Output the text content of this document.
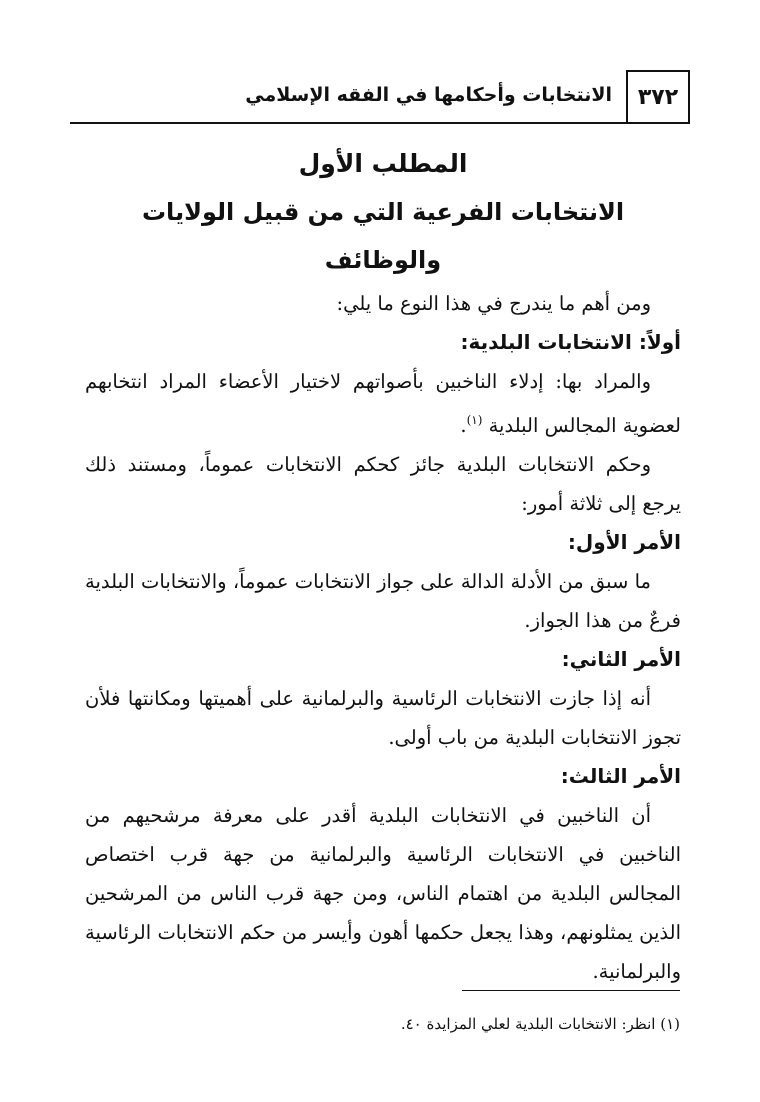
٣٧٢
الانتخابات وأحكامها في الفقه الإسلامي

المطلب الأول

الانتخابات الفرعية التي من قبيل الولايات والوظائف

ومن أهم ما يندرج في هذا النوع ما يلي:

أولاً: الانتخابات البلدية:

والمراد بها: إدلاء الناخبين بأصواتهم لاختيار الأعضاء المراد انتخابهم لعضوية المجالس البلدية $^{(١)}$.

وحكم الانتخابات البلدية جائز كحكم الانتخابات عموماً، ومستند ذلك يرجع إلى ثلاثة أمور:

الأمر الأول:

ما سبق من الأدلة الدالة على جواز الانتخابات عموماً، والانتخابات البلدية فرعٌ من هذا الجواز.

الأمر الثاني:

أنه إذا جازت الانتخابات الرئاسية والبرلمانية على أهميتها ومكانتها فلأن تجوز الانتخابات البلدية من باب أولى.

الأمر الثالث:

أن الناخبين في الانتخابات البلدية أقدر على معرفة مرشحيهم من الناخبين في الانتخابات الرئاسية والبرلمانية من جهة قرب اختصاص المجالس البلدية من اهتمام الناس، ومن جهة قرب الناس من المرشحين الذين يمثلونهم، وهذا يجعل حكمها أهون وأيسر من حكم الانتخابات الرئاسية والبرلمانية.

(١) انظر: الانتخابات البلدية لعلي المزايدة ٤٠.
